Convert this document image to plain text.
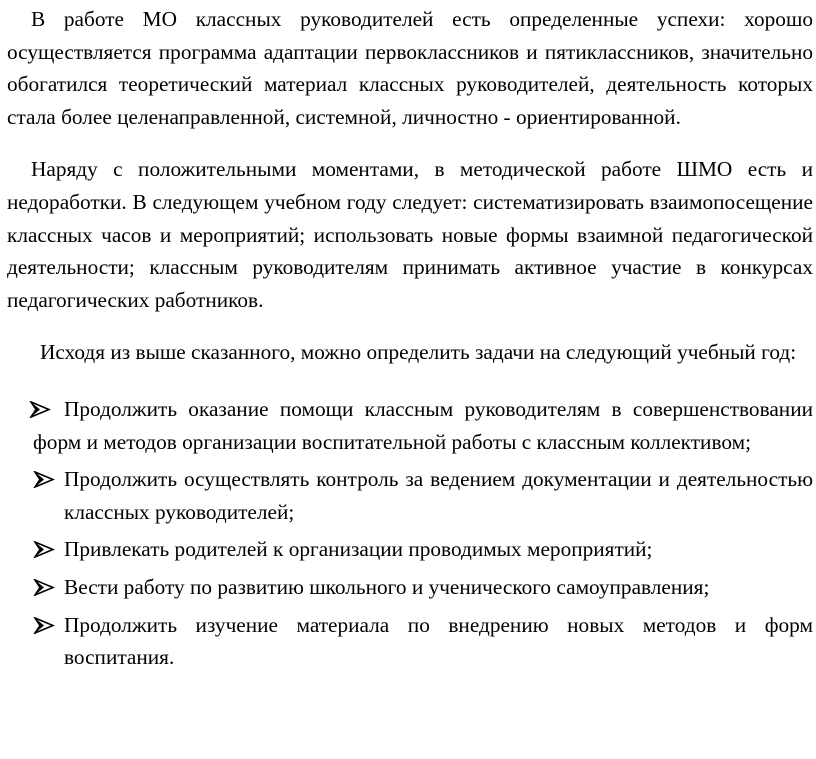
В работе МО классных руководителей есть определенные успехи: хорошо осуществляется программа адаптации первоклассников и пятиклассников, значительно обогатился теоретический материал классных руководителей, деятельность которых стала более целенаправленной, системной, личностно - ориентированной.

Наряду с положительными моментами, в методической работе ШМО есть и недоработки. В следующем учебном году следует: систематизировать взаимопосещение классных часов и мероприятий; использовать новые формы взаимной педагогической деятельности; классным руководителям принимать активное участие в конкурсах педагогических работников.

Исходя из выше сказанного, можно определить задачи на следующий учебный год:

Продолжить оказание помощи классным руководителям в совершенствовании форм и методов организации воспитательной работы с классным коллективом;
Продолжить осуществлять контроль за ведением документации и деятельностью классных руководителей;
Привлекать родителей к организации проводимых мероприятий;
Вести работу по развитию школьного и ученического самоуправления;
Продолжить изучение материала по внедрению новых методов и форм воспитания.
